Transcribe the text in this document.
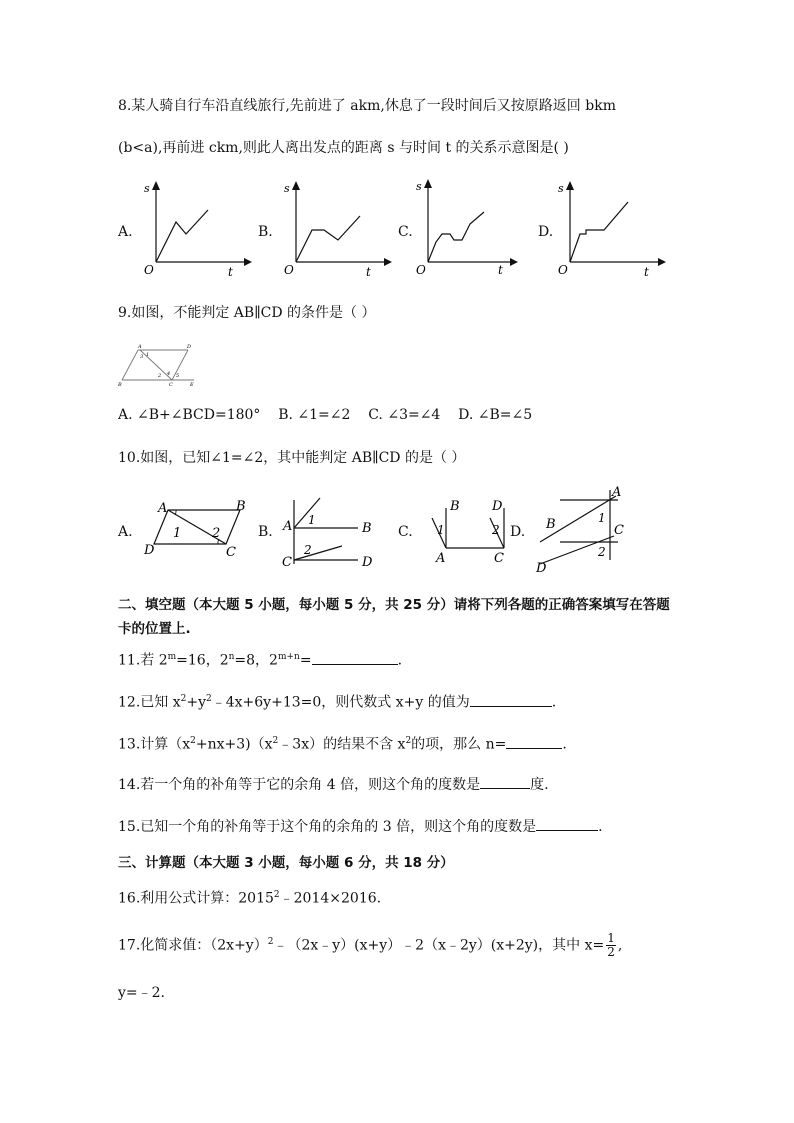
8.某人骑自行车沿直线旅行,先前进了 akm,休息了一段时间后又按原路返回 bkm
(b<a),再前进 ckm,则此人离出发点的距离 s 与时间 t 的关系示意图是( )
A.	B.	C.	D.
s
O	t
s
O	t
s
O	t
s
O	t
9.如图，不能判定 AB∥CD 的条件是（ ）
A	D
B	C	E
1
2
3
4 5
A. ∠B+∠BCD=180°    B. ∠1=∠2    C. ∠3=∠4    D. ∠B=∠5
10.如图，已知∠1=∠2，其中能判定 AB∥CD 的是（ ）
A.	B.	C.	D.
A	B
D	C
1 2	A	B
C	D
1
2
B D
A	C
1	2
A
B	C
D
1
2
二、填空题（本大题 5 小题，每小题 5 分，共 25 分）请将下列各题的正确答案填写在答题
卡的位置上.
11.若 $2^m=16$，$2^n=8$，$2^{m+n}=$	.
12.已知 $x^2+y^2﹣4x+6y+13=0$，则代数式 x+y 的值为	.
13.计算$(x^2+nx+3)(x^2﹣3x)$的结果不含 $x^2$的项，那么 n=	.
14.若一个角的补角等于它的余角 4 倍，则这个角的度数是	度.
15.已知一个角的补角等于这个角的余角的 3 倍，则这个角的度数是	.
三、计算题（本大题 3 小题，每小题 6 分，共 18 分）
16.利用公式计算：$2015^2﹣2014\times 2016$.
17.化简求值：$(2x+y)^2﹣(2x﹣y)(x+y)﹣2(x﹣2y)(x+2y)$，其中 $x= \frac{1}{2}$ ,
y=﹣2.
